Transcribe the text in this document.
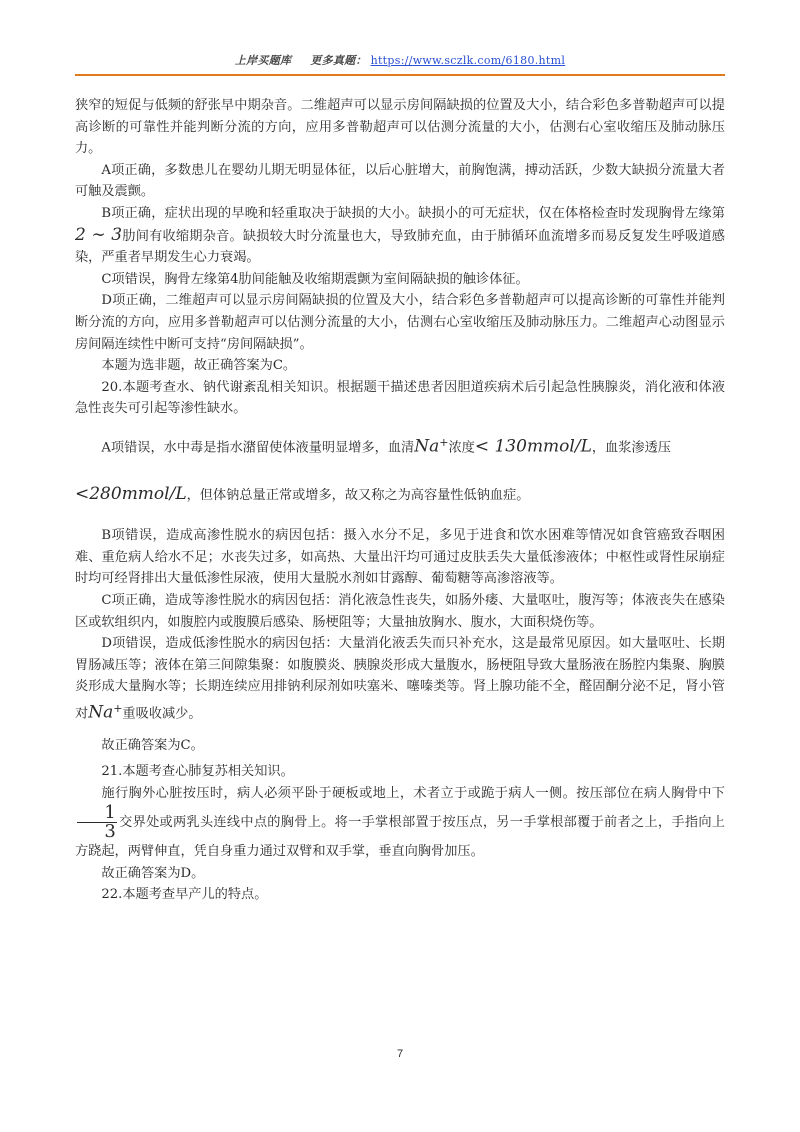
上岸买题库 更多真题： https://www.sczlk.com/6180.html

狭窄的短促与低频的舒张早中期杂音。二维超声可以显示房间隔缺损的位置及大小，结合彩色多普勒超声可以提高诊断的可靠性并能判断分流的方向，应用多普勒超声可以估测分流量的大小，估测右心室收缩压及肺动脉压力。

A项正确，多数患儿在婴幼儿期无明显体征，以后心脏增大，前胸饱满，搏动活跃，少数大缺损分流量大者可触及震颤。

B项正确，症状出现的早晚和轻重取决于缺损的大小。缺损小的可无症状，仅在体格检查时发现胸骨左缘第2 ∼ 3肋间有收缩期杂音。缺损较大时分流量也大，导致肺充血，由于肺循环血流增多而易反复发生呼吸道感染，严重者早期发生心力衰竭。

C项错误，胸骨左缘第4肋间能触及收缩期震颤为室间隔缺损的触诊体征。

D项正确，二维超声可以显示房间隔缺损的位置及大小，结合彩色多普勒超声可以提高诊断的可靠性并能判断分流的方向，应用多普勒超声可以估测分流量的大小，估测右心室收缩压及肺动脉压力。二维超声心动图显示房间隔连续性中断可支持“房间隔缺损”。

本题为选非题，故正确答案为C。

20.本题考查水、钠代谢紊乱相关知识。根据题干描述患者因胆道疾病术后引起急性胰腺炎，消化液和体液急性丧失可引起等渗性缺水。

A项错误，水中毒是指水潴留使体液量明显增多，血清Na+浓度< 130mmol/L，血浆渗透压
<280mmol/L，但体钠总量正常或增多，故又称之为高容量性低钠血症。

B项错误，造成高渗性脱水的病因包括：摄入水分不足，多见于进食和饮水困难等情况如食管癌致吞咽困难、重危病人给水不足；水丧失过多，如高热、大量出汗均可通过皮肤丢失大量低渗液体；中枢性或肾性尿崩症时均可经肾排出大量低渗性尿液，使用大量脱水剂如甘露醇、葡萄糖等高渗溶液等。

C项正确，造成等渗性脱水的病因包括：消化液急性丧失，如肠外瘘、大量呕吐，腹泻等；体液丧失在感染区或软组织内，如腹腔内或腹膜后感染、肠梗阻等；大量抽放胸水、腹水，大面积烧伤等。

D项错误，造成低渗性脱水的病因包括：大量消化液丢失而只补充水，这是最常见原因。如大量呕吐、长期胃肠减压等；液体在第三间隙集聚：如腹膜炎、胰腺炎形成大量腹水，肠梗阻导致大量肠液在肠腔内集聚、胸膜炎形成大量胸水等；长期连续应用排钠利尿剂如呋塞米、噻嗪类等。肾上腺功能不全，醛固酮分泌不足，肾小管对Na+重吸收减少。

故正确答案为C。

21.本题考查心肺复苏相关知识。

施行胸外心脏按压时，病人必须平卧于硬板或地上，术者立于或跪于病人一侧。按压部位在病人胸骨中下
$\frac{1}{3}$ 交界处或两乳头连线中点的胸骨上。将一手掌根部置于按压点，另一手掌根部覆于前者之上，手指向上方跷起，两臂伸直，凭自身重力通过双臂和双手掌，垂直向胸骨加压。

故正确答案为D。

22.本题考查早产儿的特点。

7
